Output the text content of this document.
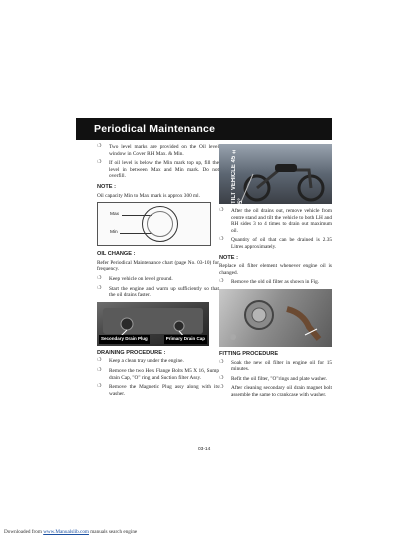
Periodical Maintenance
❍	Two level marks are provided on the Oil level window in Cover RH Max. & Min.
❍	If oil level is below the Min mark top up, fill the level in between Max and Min mark. Do not overfill.
NOTE :
Oil capacity Min to Max mark is approx 300 ml.
Max
Min
OIL CHANGE :
Refer Periodical Maintenance chart (page No. 03-10) for frequency.
❍	Keep vehicle on level ground.
❍	Start the engine and warm up sufficiently so that the oil drains faster.
Secondary Drain Plug	Primary Drain Cap
DRAINING PROCEDURE :
❍	Keep a clean tray under the engine.
❍	Remove the two Hex Flange Bolts M5 X 16, Sump drain Cap, "O" ring and Suction filter Assy.
❍	Remove the Magnetic Plug assy along with its washer.
TILT VEHICLE 45 ± 5°
❍	After the oil drains out, remove vehicle from centre stand and tilt the vehicle to both LH and RH sides 3 to 4 times to drain out maximum oil.
❍	Quantity of oil that can be drained is 2.35 Litres approximately.
NOTE :
Replace oil filter element whenever engine oil is changed.
❍	Remove the old oil filter as shown in Fig.
FITTING PROCEDURE
❍	Soak the new oil filter in engine oil for 15 minutes.
❍	Refit the oil filter, "O"rings and plate washer.
❍	After cleaning secondary oil drain magnet bolt assemble the same to crankcase with washer.
03-14
Downloaded from www.Manualslib.com manuals search engine
